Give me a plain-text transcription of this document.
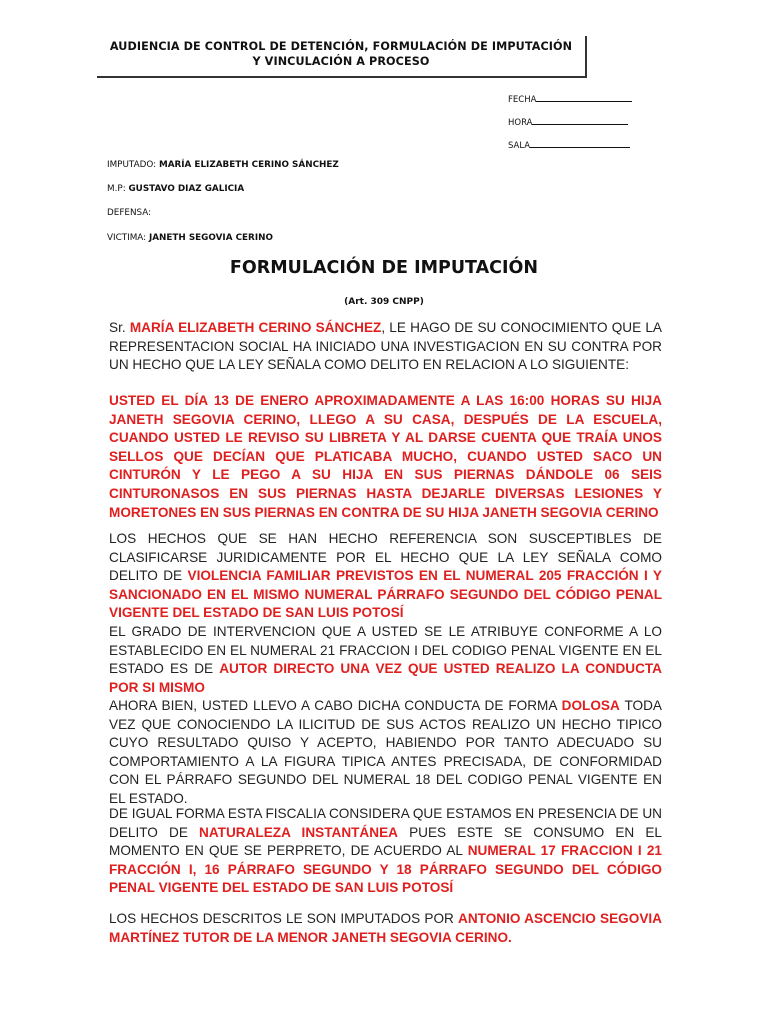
AUDIENCIA DE CONTROL DE DETENCIÓN, FORMULACIÓN DE IMPUTACIÓN
Y VINCULACIÓN A PROCESO
FECHA
HORA
SALA
IMPUTADO: MARÍA ELIZABETH CERINO SÁNCHEZ
M.P: GUSTAVO DIAZ GALICIA
DEFENSA:
VICTIMA: JANETH SEGOVIA CERINO
FORMULACIÓN DE IMPUTACIÓN
(Art. 309 CNPP)
Sr. MARÍA ELIZABETH CERINO SÁNCHEZ, LE HAGO DE SU CONOCIMIENTO QUE LA REPRESENTACION SOCIAL HA INICIADO UNA INVESTIGACION EN SU CONTRA POR UN HECHO QUE LA LEY SEÑALA COMO DELITO EN RELACION A LO SIGUIENTE:
USTED EL DÍA 13 DE ENERO APROXIMADAMENTE A LAS 16:00 HORAS SU HIJA JANETH SEGOVIA CERINO, LLEGO A SU CASA, DESPUÉS DE LA ESCUELA, CUANDO USTED LE REVISO SU LIBRETA Y AL DARSE CUENTA QUE TRAÍA UNOS SELLOS QUE DECÍAN QUE PLATICABA MUCHO, CUANDO USTED SACO UN CINTURÓN Y LE PEGO A SU HIJA EN SUS PIERNAS DÁNDOLE 06 SEIS CINTURONASOS EN SUS PIERNAS HASTA DEJARLE DIVERSAS LESIONES Y MORETONES EN SUS PIERNAS EN CONTRA DE SU HIJA JANETH SEGOVIA CERINO
LOS HECHOS QUE SE HAN HECHO REFERENCIA SON SUSCEPTIBLES DE CLASIFICARSE JURIDICAMENTE POR EL HECHO QUE LA LEY SEÑALA COMO DELITO DE VIOLENCIA FAMILIAR PREVISTOS EN EL NUMERAL 205 FRACCIÓN I Y SANCIONADO EN EL MISMO NUMERAL PÁRRAFO SEGUNDO DEL CÓDIGO PENAL VIGENTE DEL ESTADO DE SAN LUIS POTOSÍ
EL GRADO DE INTERVENCION QUE A USTED SE LE ATRIBUYE CONFORME A LO ESTABLECIDO EN EL NUMERAL 21 FRACCION I DEL CODIGO PENAL VIGENTE EN EL ESTADO ES DE AUTOR DIRECTO UNA VEZ QUE USTED REALIZO LA CONDUCTA POR SI MISMO
AHORA BIEN, USTED LLEVO A CABO DICHA CONDUCTA DE FORMA DOLOSA TODA VEZ QUE CONOCIENDO LA ILICITUD DE SUS ACTOS REALIZO UN HECHO TIPICO CUYO RESULTADO QUISO Y ACEPTO, HABIENDO POR TANTO ADECUADO SU COMPORTAMIENTO A LA FIGURA TIPICA ANTES PRECISADA, DE CONFORMIDAD CON EL PÁRRAFO SEGUNDO DEL NUMERAL 18 DEL CODIGO PENAL VIGENTE EN EL ESTADO.
DE IGUAL FORMA ESTA FISCALIA CONSIDERA QUE ESTAMOS EN PRESENCIA DE UN DELITO DE NATURALEZA INSTANTÁNEA PUES ESTE SE CONSUMO EN EL MOMENTO EN QUE SE PERPRETO, DE ACUERDO AL NUMERAL 17 FRACCION I 21 FRACCIÓN I, 16 PÁRRAFO SEGUNDO Y 18 PÁRRAFO SEGUNDO DEL CÓDIGO PENAL VIGENTE DEL ESTADO DE SAN LUIS POTOSÍ
LOS HECHOS DESCRITOS LE SON IMPUTADOS POR ANTONIO ASCENCIO SEGOVIA MARTÍNEZ TUTOR DE LA MENOR JANETH SEGOVIA CERINO.
